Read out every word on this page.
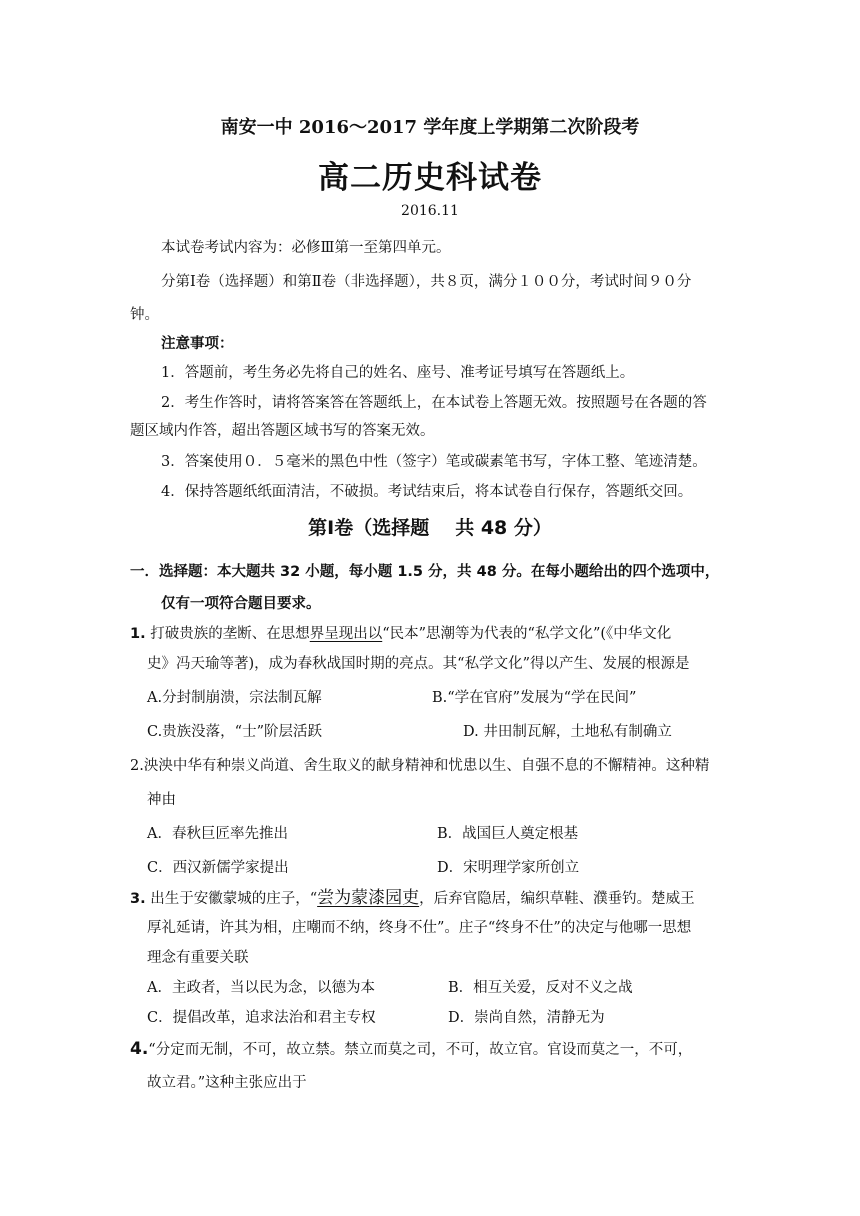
南安一中 2016～2017 学年度上学期第二次阶段考
高二历史科试卷
2016.11
本试卷考试内容为：必修Ⅲ第一至第四单元。
分第Ⅰ卷（选择题）和第Ⅱ卷（非选择题），共８页，满分１００分，考试时间９０分
钟。
注意事项：
1．答题前，考生务必先将自己的姓名、座号、准考证号填写在答题纸上。
2．考生作答时，请将答案答在答题纸上，在本试卷上答题无效。按照题号在各题的答
题区域内作答，超出答题区域书写的答案无效。
3．答案使用０．５毫米的黑色中性（签字）笔或碳素笔书写，字体工整、笔迹清楚。
4．保持答题纸纸面清洁，不破损。考试结束后，将本试卷自行保存，答题纸交回。
第Ⅰ卷（选择题 共 48 分）
一．选择题：本大题共 32 小题，每小题 1.5 分，共 48 分。在每小题给出的四个选项中，
仅有一项符合题目要求。
1. 打破贵族的垄断、在思想界呈现出以“民本”思潮等为代表的“私学文化”(《中华文化
史》冯天瑜等著)，成为春秋战国时期的亮点。其“私学文化”得以产生、发展的根源是
A.分封制崩溃，宗法制瓦解	B.“学在官府”发展为“学在民间”
C.贵族没落，“士”阶层活跃	D. 井田制瓦解，土地私有制确立
2.泱泱中华有种崇义尚道、舍生取义的献身精神和忧患以生、自强不息的不懈精神。这种精
神由
A．春秋巨匠率先推出	B．战国巨人奠定根基
C．西汉新儒学家提出	D．宋明理学家所创立
3. 出生于安徽蒙城的庄子，“尝为蒙漆园吏，后弃官隐居，编织草鞋、濮垂钓。楚威王
厚礼延请，许其为相，庄嘲而不纳，终身不仕”。庄子“终身不仕”的决定与他哪一思想
理念有重要关联
A．主政者，当以民为念，以德为本	B．相互关爱，反对不义之战
C．提倡改革，追求法治和君主专权	D．崇尚自然，清静无为
4.“分定而无制，不可，故立禁。禁立而莫之司，不可，故立官。官设而莫之一，不可，
故立君。”这种主张应出于
